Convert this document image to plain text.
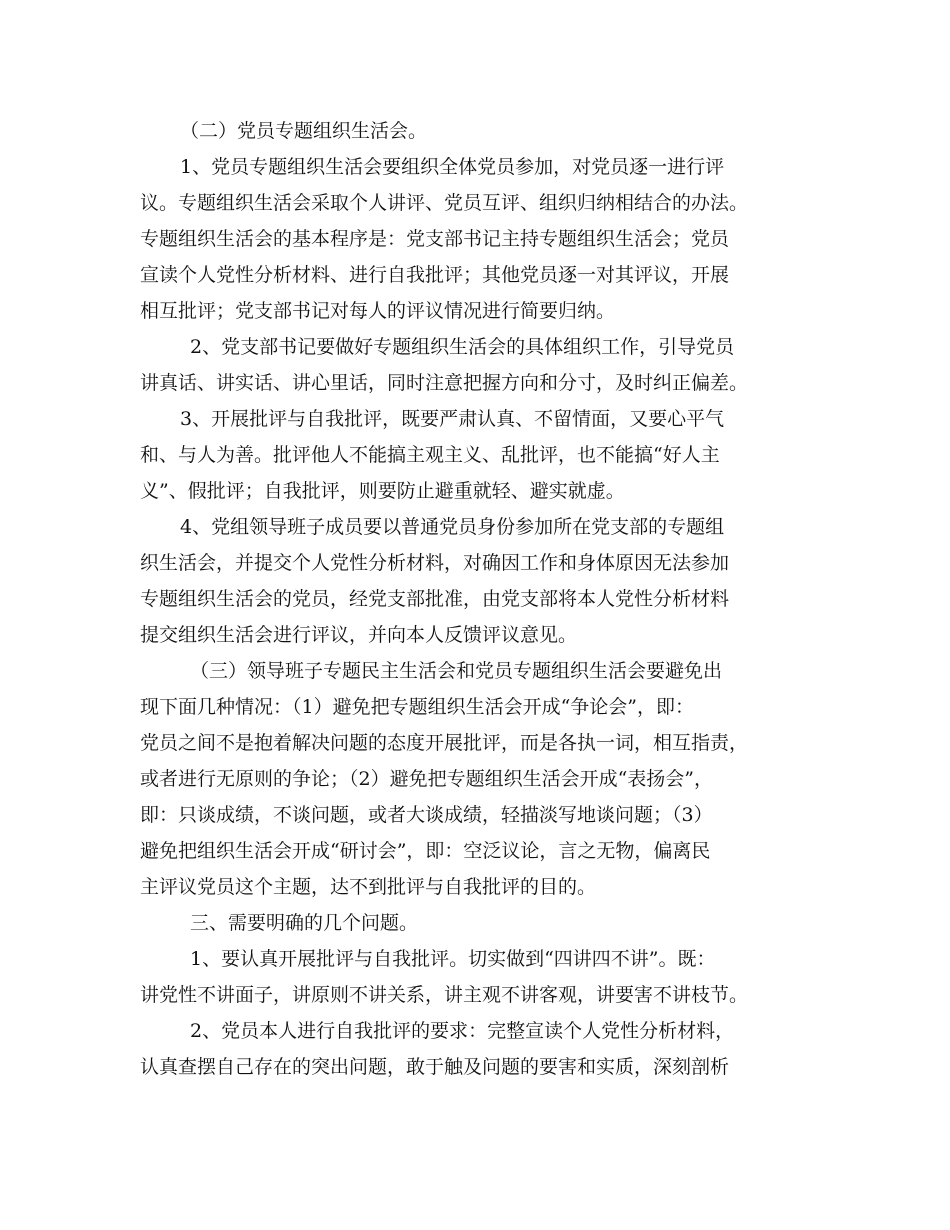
（二）党员专题组织生活会。
1、党员专题组织生活会要组织全体党员参加，对党员逐一进行评
议。专题组织生活会采取个人讲评、党员互评、组织归纳相结合的办法。
专题组织生活会的基本程序是：党支部书记主持专题组织生活会；党员
宣读个人党性分析材料、进行自我批评；其他党员逐一对其评议，开展
相互批评；党支部书记对每人的评议情况进行简要归纳。
2、党支部书记要做好专题组织生活会的具体组织工作，引导党员
讲真话、讲实话、讲心里话，同时注意把握方向和分寸，及时纠正偏差。
3、开展批评与自我批评，既要严肃认真、不留情面，又要心平气
和、与人为善。批评他人不能搞主观主义、乱批评，也不能搞“好人主
义”、假批评；自我批评，则要防止避重就轻、避实就虚。
4、党组领导班子成员要以普通党员身份参加所在党支部的专题组
织生活会，并提交个人党性分析材料，对确因工作和身体原因无法参加
专题组织生活会的党员，经党支部批准，由党支部将本人党性分析材料
提交组织生活会进行评议，并向本人反馈评议意见。
（三）领导班子专题民主生活会和党员专题组织生活会要避免出
现下面几种情况：（1）避免把专题组织生活会开成“争论会”，即：
党员之间不是抱着解决问题的态度开展批评，而是各执一词，相互指责，
或者进行无原则的争论；（2）避免把专题组织生活会开成“表扬会”，
即：只谈成绩，不谈问题，或者大谈成绩，轻描淡写地谈问题；（3）
避免把组织生活会开成“研讨会”，即：空泛议论，言之无物，偏离民
主评议党员这个主题，达不到批评与自我批评的目的。
三、需要明确的几个问题。
1、要认真开展批评与自我批评。切实做到“四讲四不讲”。既：
讲党性不讲面子，讲原则不讲关系，讲主观不讲客观，讲要害不讲枝节。
2、党员本人进行自我批评的要求：完整宣读个人党性分析材料，
认真查摆自己存在的突出问题，敢于触及问题的要害和实质，深刻剖析
